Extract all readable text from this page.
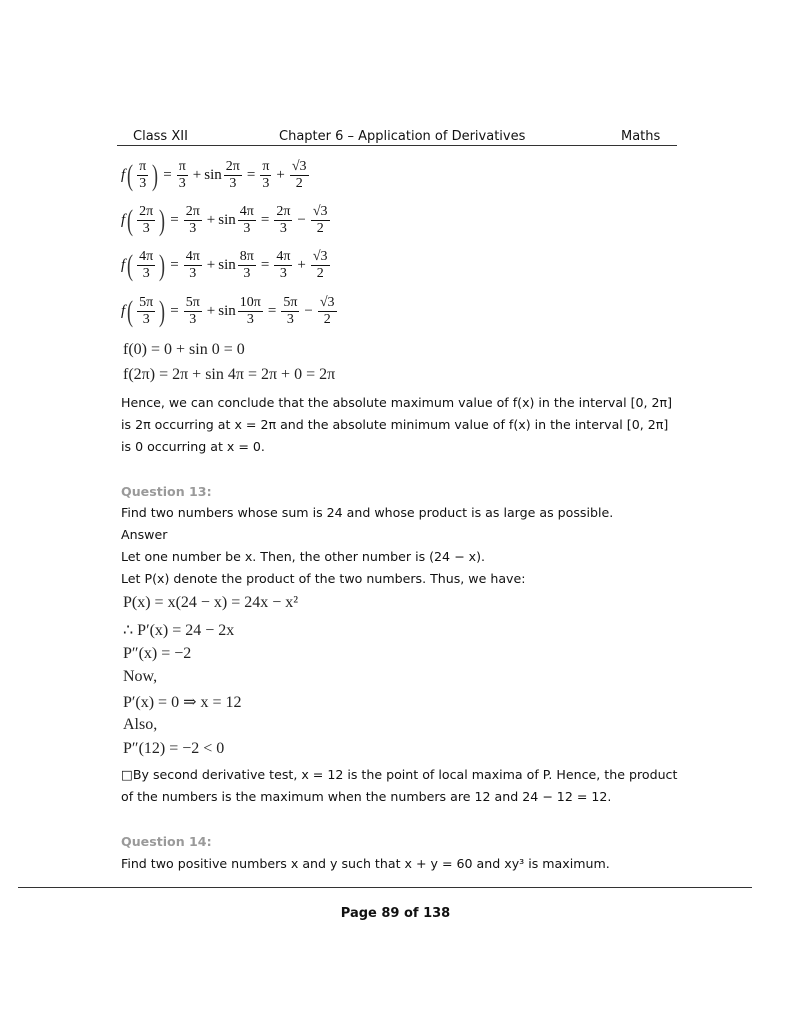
Class XII	Chapter 6 – Application of Derivatives	Maths
f ( $\frac{\pi}{3}$ ) = $\frac{\pi}{3} + \sin \frac{2\pi}{3} = \frac{\pi}{3} + \frac{√3}{2}$
f ( $\frac{2\pi}{3}$ ) = $\frac{2\pi}{3} + \sin \frac{4\pi}{3} = \frac{2\pi}{3} - \frac{√3}{2}$
f ( $\frac{4\pi}{3}$ ) = $\frac{4\pi}{3} + \sin \frac{8\pi}{3} = \frac{4\pi}{3} + \frac{√3}{2}$
f ( $\frac{5\pi}{3}$ ) = $\frac{5\pi}{3} + \sin \frac{10\pi}{3} = \frac{5\pi}{3} - \frac{√3}{2}$
f(0) = 0 + sin 0 = 0
f(2π) = 2π + sin 4π = 2π + 0 = 2π
Hence, we can conclude that the absolute maximum value of f(x) in the interval [0, 2π]
is 2π occurring at x = 2π and the absolute minimum value of f(x) in the interval [0, 2π]
is 0 occurring at x = 0.
Question 13:
Find two numbers whose sum is 24 and whose product is as large as possible.
Answer
Let one number be x. Then, the other number is (24 − x).
Let P(x) denote the product of the two numbers. Thus, we have:
P(x) = x(24 − x) = 24x − x²
∴ P′(x) = 24 − 2x
P″(x) = −2
Now,
P′(x) = 0 ⇒ x = 12
Also,
P″(12) = −2 < 0
□By second derivative test, x = 12 is the point of local maxima of P. Hence, the product
of the numbers is the maximum when the numbers are 12 and 24 − 12 = 12.
Question 14:
Find two positive numbers x and y such that x + y = 60 and xy³ is maximum.
Page 89 of 138
